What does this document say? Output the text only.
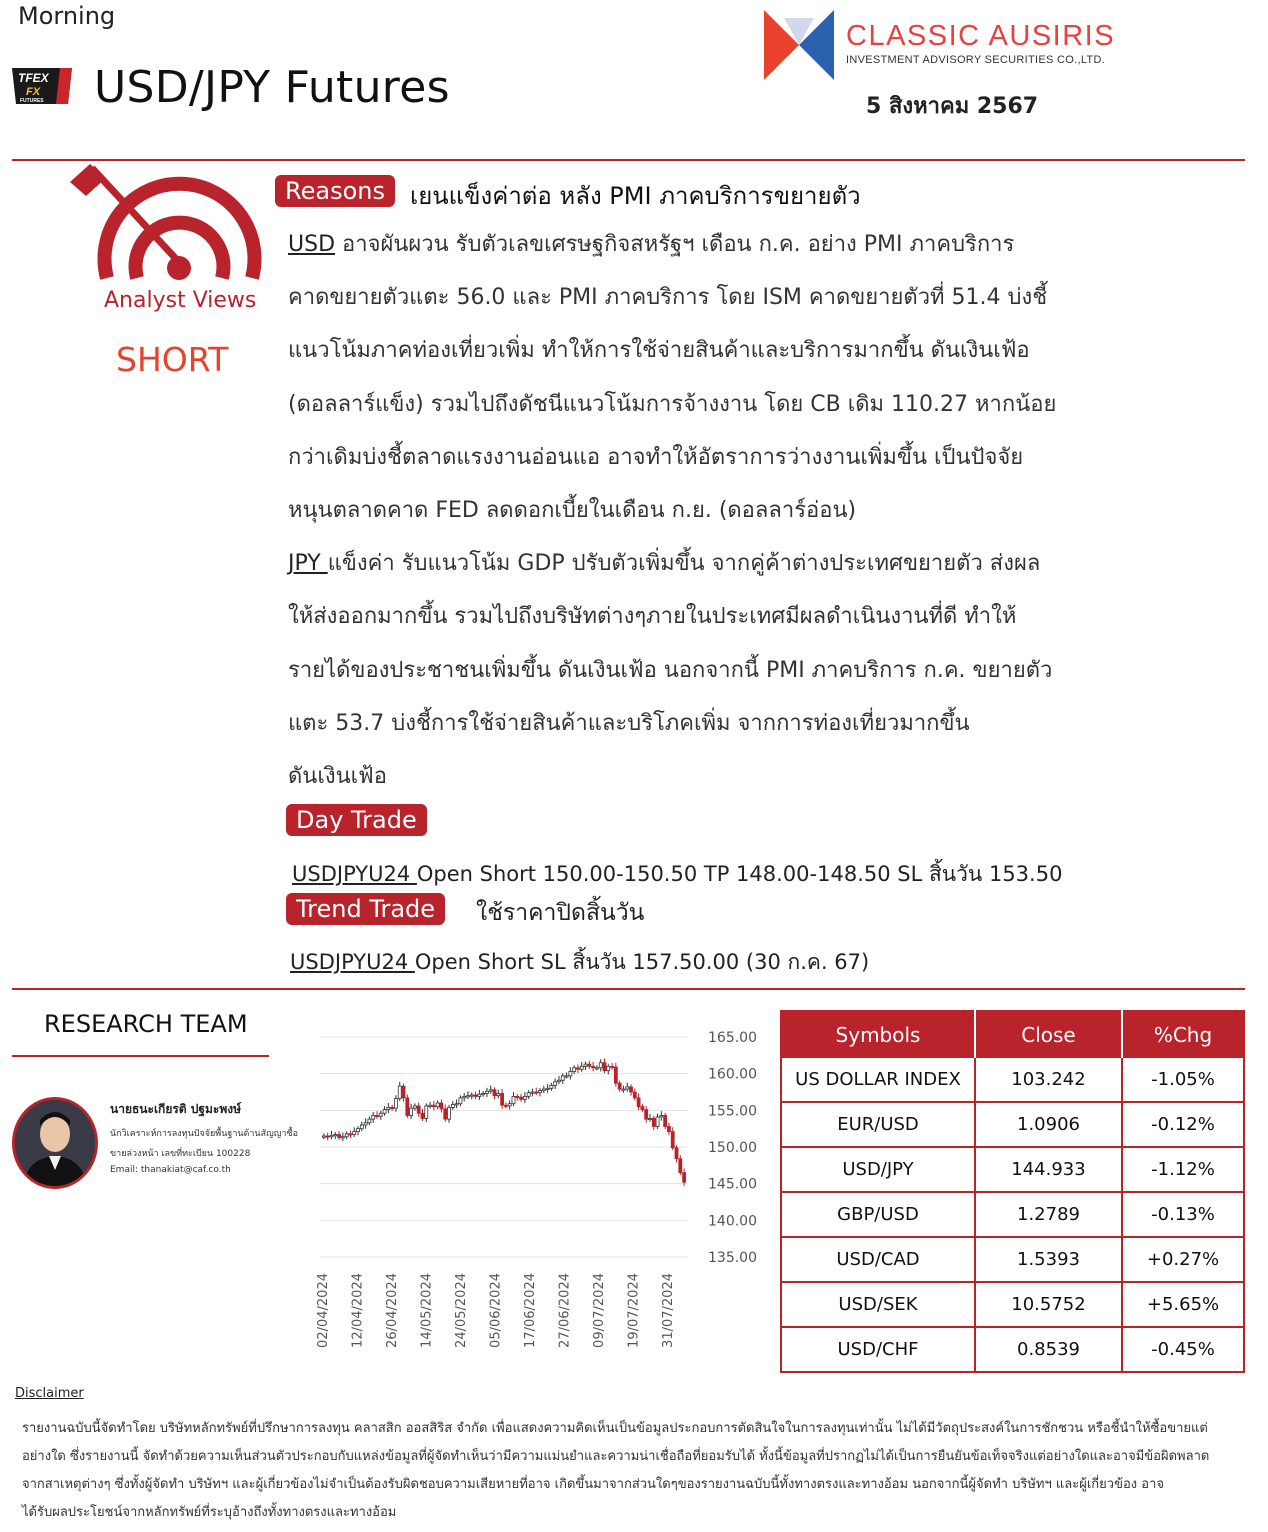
Morning
TFEX
FX
FUTURES USD/JPY Futures
CLASSIC AUSIRIS
INVESTMENT ADVISORY SECURITIES CO.,LTD.
5 สิงหาคม 2567
Analyst Views
SHORT
Reasons	เยนแข็งค่าต่อ หลัง PMI ภาคบริการขยายตัว
USD อาจผันผวน รับตัวเลขเศรษฐกิจสหรัฐฯ เดือน ก.ค. อย่าง PMI ภาคบริการ
คาดขยายตัวแตะ 56.0 และ PMI ภาคบริการ โดย ISM คาดขยายตัวที่ 51.4 บ่งชี้
แนวโน้มภาคท่องเที่ยวเพิ่ม ทำให้การใช้จ่ายสินค้าและบริการมากขึ้น ดันเงินเฟ้อ
(ดอลลาร์แข็ง) รวมไปถึงดัชนีแนวโน้มการจ้างงาน โดย CB เดิม 110.27 หากน้อย
กว่าเดิมบ่งชี้ตลาดแรงงานอ่อนแอ อาจทำให้อัตราการว่างงานเพิ่มขึ้น เป็นปัจจัย
หนุนตลาดคาด FED ลดดอกเบี้ยในเดือน ก.ย. (ดอลลาร์อ่อน)
JPY แข็งค่า รับแนวโน้ม GDP ปรับตัวเพิ่มขึ้น จากคู่ค้าต่างประเทศขยายตัว ส่งผล
ให้ส่งออกมากขึ้น รวมไปถึงบริษัทต่างๆภายในประเทศมีผลดำเนินงานที่ดี ทำให้
รายได้ของประชาชนเพิ่มขึ้น ดันเงินเฟ้อ นอกจากนี้ PMI ภาคบริการ ก.ค. ขยายตัว
แตะ 53.7 บ่งชี้การใช้จ่ายสินค้าและบริโภคเพิ่ม จากการท่องเที่ยวมากขึ้น
ดันเงินเฟ้อ
Day Trade
USDJPYU24 Open Short 150.00-150.50 TP 148.00-148.50 SL สิ้นวัน 153.50
Trend Trade	ใช้ราคาปิดสิ้นวัน
USDJPYU24 Open Short SL สิ้นวัน 157.50.00 (30 ก.ค. 67)
RESEARCH TEAM
นายธนะเกียรติ ปฐมะพงษ์
นักวิเคราะห์การลงทุนปัจจัยพื้นฐานด้านสัญญาซื้อ
ขายล่วงหน้า เลขที่ทะเบียน 100228
Email: thanakiat@caf.co.th
165.00
160.00
155.00
150.00
145.00
140.00
135.00
02/04/2024 12/04/2024 26/04/2024 14/05/2024 24/05/2024 05/06/2024 17/06/2024 27/06/2024 09/07/2024 19/07/2024 31/07/2024
Symbols	Close	%Chg
US DOLLAR INDEX	103.242	-1.05%
EUR/USD	1.0906	-0.12%
USD/JPY	144.933	-1.12%
GBP/USD	1.2789	-0.13%
USD/CAD	1.5393	+0.27%
USD/SEK	10.5752	+5.65%
USD/CHF	0.8539	-0.45%
Disclaimer
รายงานฉบับนี้จัดทำโดย บริษัทหลักทรัพย์ที่ปรึกษาการลงทุน คลาสสิก ออสสิริส จำกัด เพื่อแสดงความคิดเห็นเป็นข้อมูลประกอบการตัดสินใจในการลงทุนเท่านั้น ไม่ได้มีวัตถุประสงค์ในการชักชวน หรือชี้นำให้ซื้อขายแต่
อย่างใด ซึ่งรายงานนี้ จัดทำด้วยความเห็นส่วนตัวประกอบกับแหล่งข้อมูลที่ผู้จัดทำเห็นว่ามีความแม่นยำและความน่าเชื่อถือที่ยอมรับได้ ทั้งนี้ข้อมูลที่ปรากฏไม่ได้เป็นการยืนยันข้อเท็จจริงแต่อย่างใดและอาจมีข้อผิดพลาด
จากสาเหตุต่างๆ ซึ่งทั้งผู้จัดทำ บริษัทฯ และผู้เกี่ยวข้องไม่จำเป็นต้องรับผิดชอบความเสียหายที่อาจ เกิดขึ้นมาจากส่วนใดๆของรายงานฉบับนี้ทั้งทางตรงและทางอ้อม นอกจากนี้ผู้จัดทำ บริษัทฯ และผู้เกี่ยวข้อง อาจ
ได้รับผลประโยชน์จากหลักทรัพย์ที่ระบุอ้างถึงทั้งทางตรงและทางอ้อม
